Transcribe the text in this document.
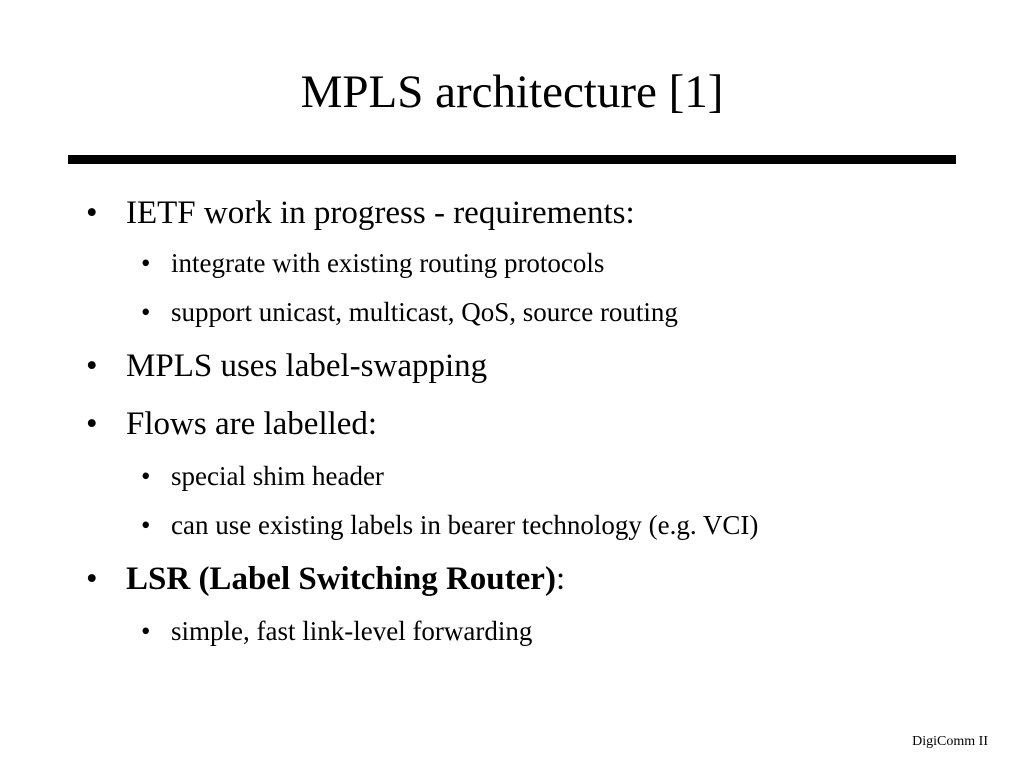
MPLS architecture [1]
• IETF work in progress - requirements:
• integrate with existing routing protocols
• support unicast, multicast, QoS, source routing
• MPLS uses label-swapping
• Flows are labelled:
• special shim header
• can use existing labels in bearer technology (e.g. VCI)
• LSR (Label Switching Router):
• simple, fast link-level forwarding
DigiComm II
